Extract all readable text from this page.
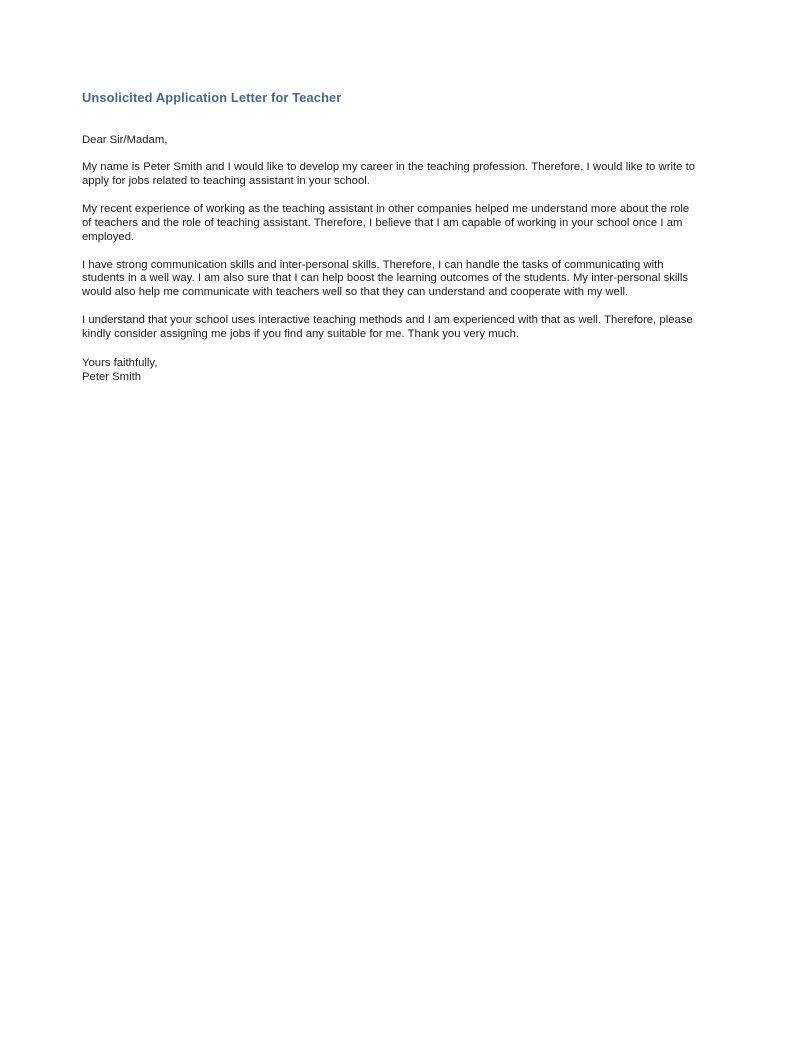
Unsolicited Application Letter for Teacher

Dear Sir/Madam,

My name is Peter Smith and I would like to develop my career in the teaching profession. Therefore, I would like to write to apply for jobs related to teaching assistant in your school.

My recent experience of working as the teaching assistant in other companies helped me understand more about the role of teachers and the role of teaching assistant. Therefore, I believe that I am capable of working in your school once I am employed.

I have strong communication skills and inter-personal skills. Therefore, I can handle the tasks of communicating with students in a well way. I am also sure that I can help boost the learning outcomes of the students. My inter-personal skills would also help me communicate with teachers well so that they can understand and cooperate with my well.

I understand that your school uses interactive teaching methods and I am experienced with that as well. Therefore, please kindly consider assigning me jobs if you find any suitable for me. Thank you very much.

Yours faithfully,
Peter Smith
